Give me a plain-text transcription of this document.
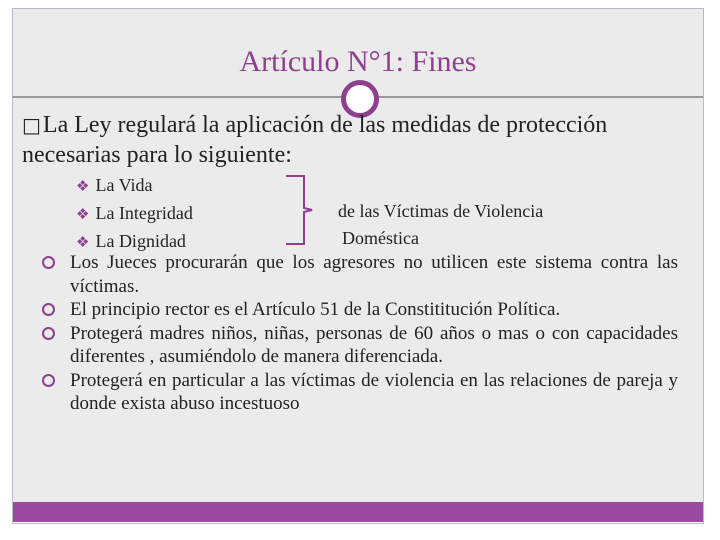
Artículo N°1: Fines
□La Ley regulará la aplicación de las medidas de protección necesarias para lo siguiente:
❖ La Vida
❖ La Integridad
❖ La Dignidad
de las Víctimas de Violencia
Doméstica
Los Jueces procurarán que los agresores no utilicen este sistema contra las víctimas.
El principio rector es el Artículo 51 de la Constititución Política.
Protegerá madres niños, niñas, personas de 60 años o mas o con capacidades diferentes , asumiéndolo de manera diferenciada.
Protegerá en particular a las víctimas de violencia en las relaciones de pareja y donde exista abuso incestuoso
